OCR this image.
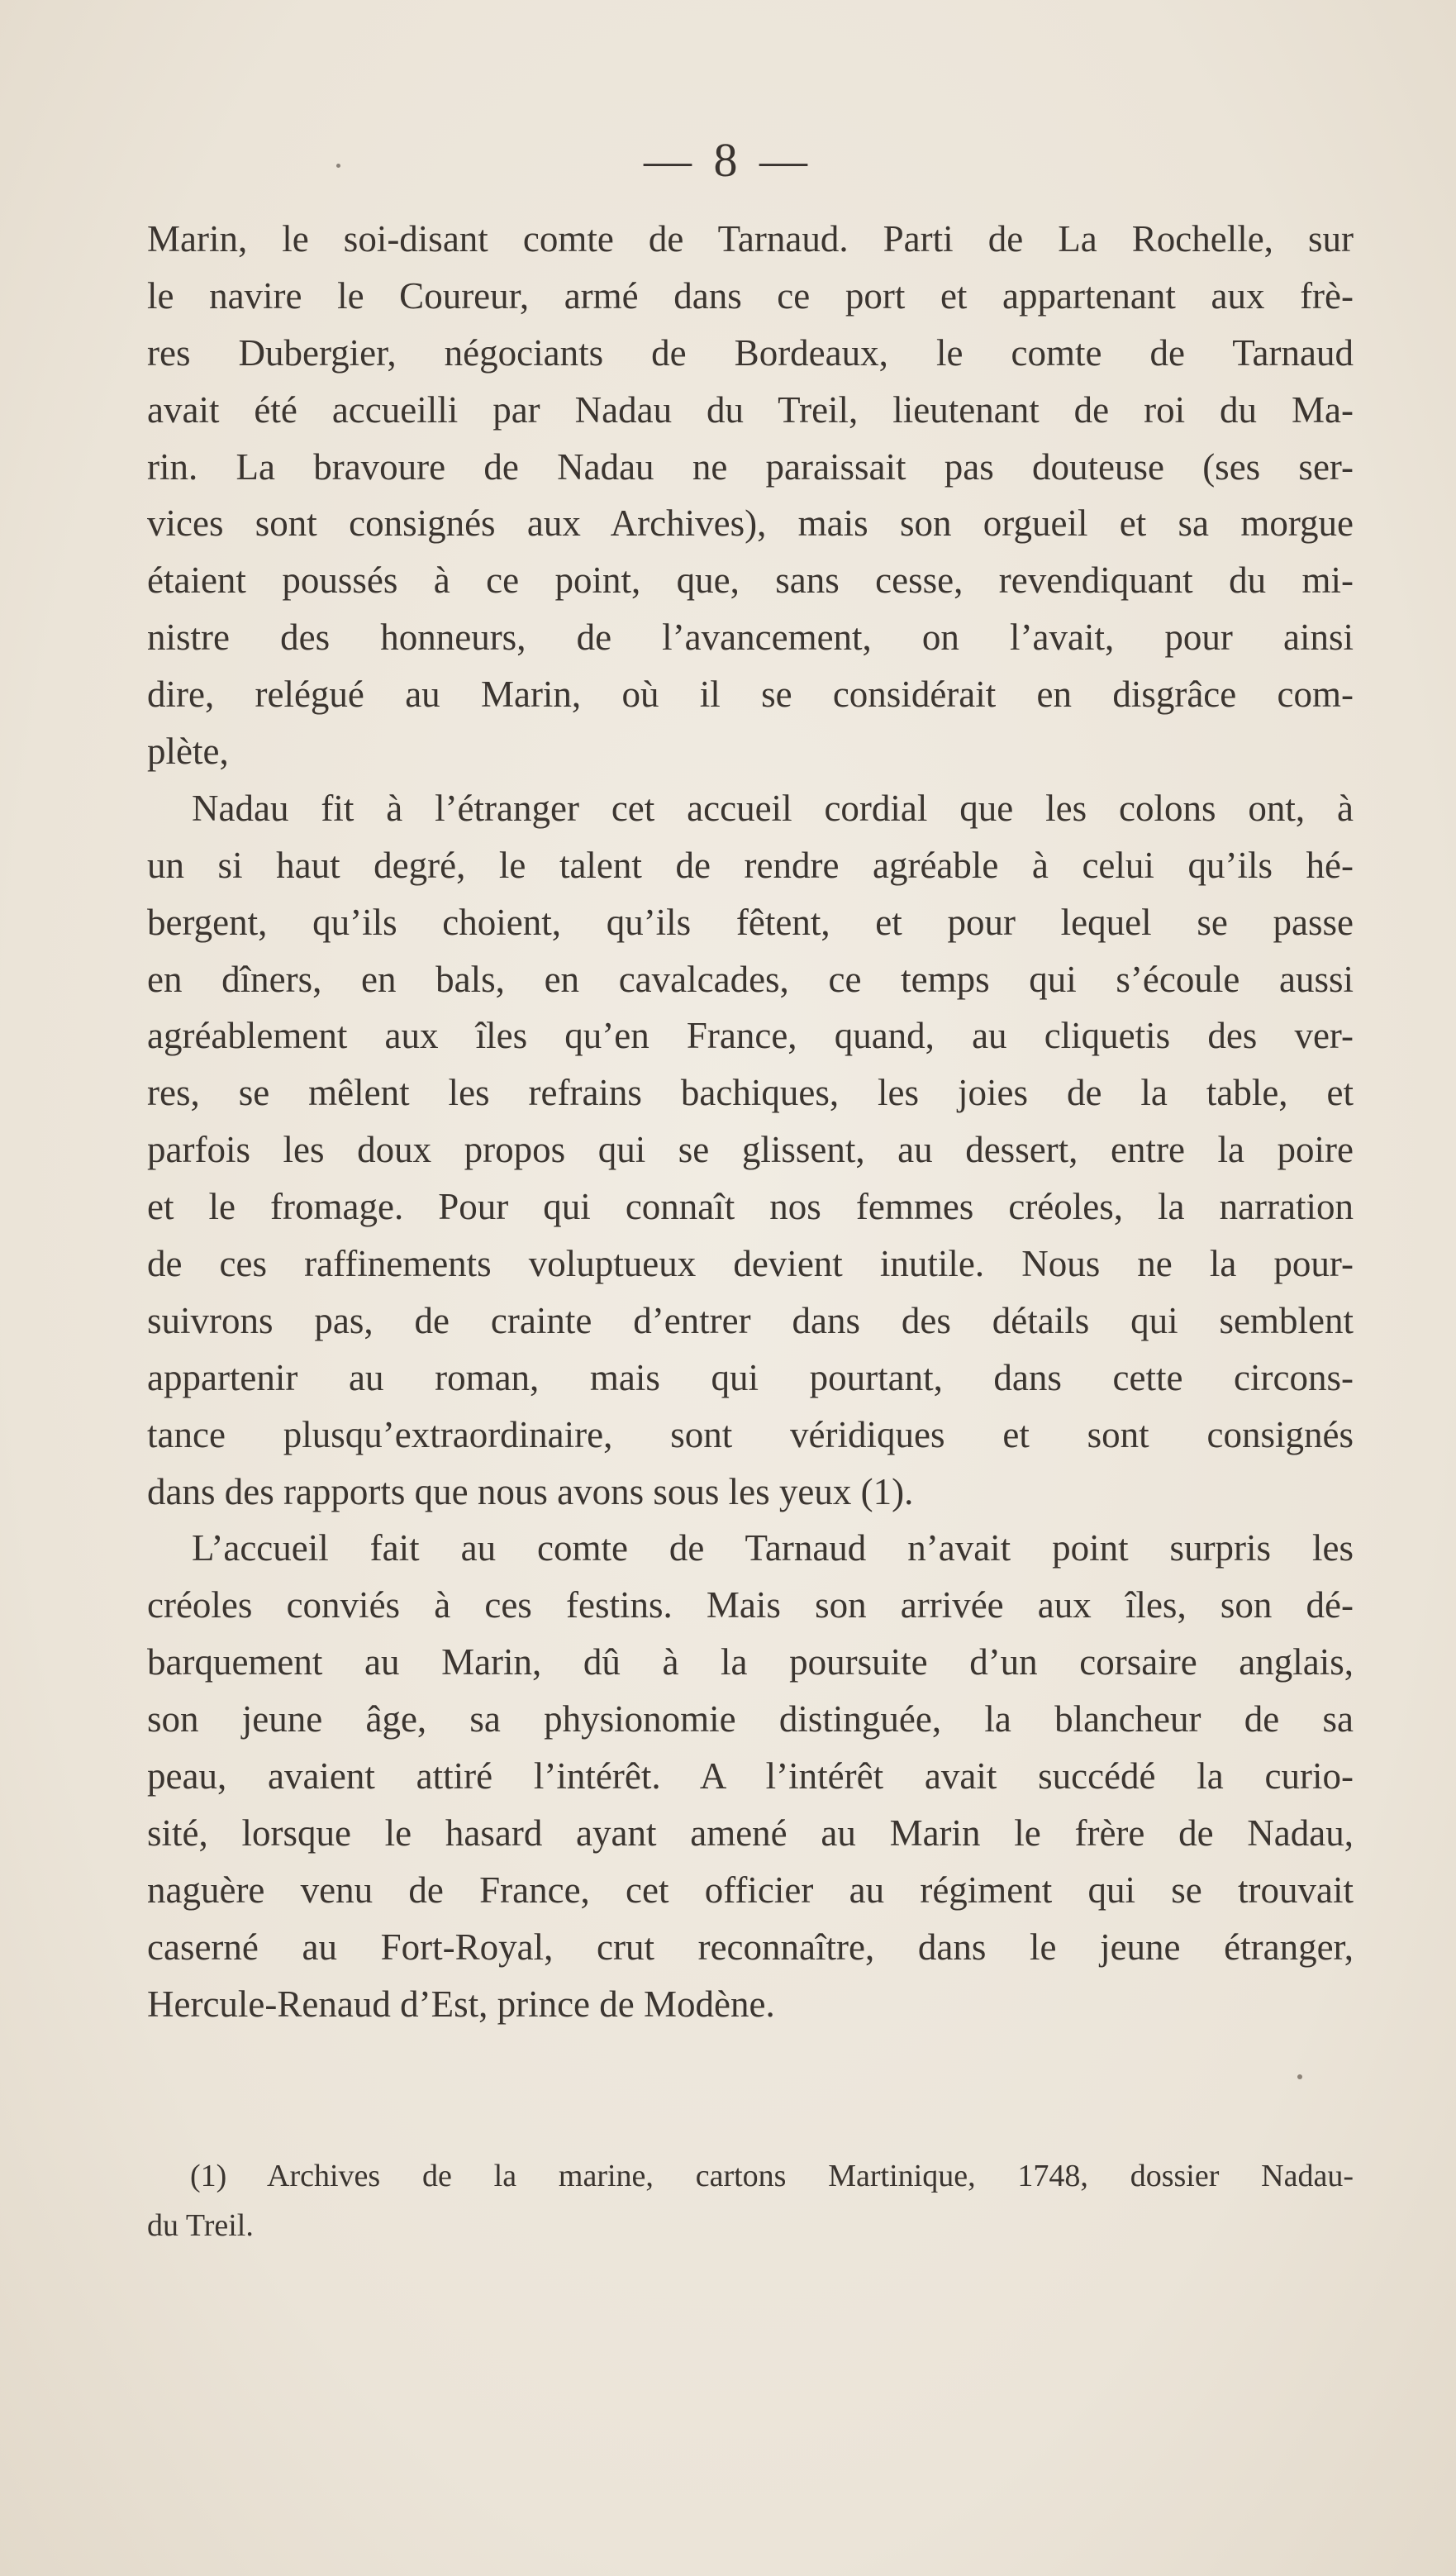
— 8 —
Marin, le soi-disant comte de Tarnaud. Parti de La Rochelle, sur
le navire le Coureur, armé dans ce port et appartenant aux frè-
res Dubergier, négociants de Bordeaux, le comte de Tarnaud
avait été accueilli par Nadau du Treil, lieutenant de roi du Ma-
rin. La bravoure de Nadau ne paraissait pas douteuse (ses ser-
vices sont consignés aux Archives), mais son orgueil et sa morgue
étaient poussés à ce point, que, sans cesse, revendiquant du mi-
nistre des honneurs, de l’avancement, on l’avait, pour ainsi
dire, relégué au Marin, où il se considérait en disgrâce com-
plète,
Nadau fit à l’étranger cet accueil cordial que les colons ont, à
un si haut degré, le talent de rendre agréable à celui qu’ils hé-
bergent, qu’ils choient, qu’ils fêtent, et pour lequel se passe
en dîners, en bals, en cavalcades, ce temps qui s’écoule aussi
agréablement aux îles qu’en France, quand, au cliquetis des ver-
res, se mêlent les refrains bachiques, les joies de la table, et
parfois les doux propos qui se glissent, au dessert, entre la poire
et le fromage. Pour qui connaît nos femmes créoles, la narration
de ces raffinements voluptueux devient inutile. Nous ne la pour-
suivrons pas, de crainte d’entrer dans des détails qui semblent
appartenir au roman, mais qui pourtant, dans cette circons-
tance plusqu’extraordinaire, sont véridiques et sont consignés
dans des rapports que nous avons sous les yeux (1).
L’accueil fait au comte de Tarnaud n’avait point surpris les
créoles conviés à ces festins. Mais son arrivée aux îles, son dé-
barquement au Marin, dû à la poursuite d’un corsaire anglais,
son jeune âge, sa physionomie distinguée, la blancheur de sa
peau, avaient attiré l’intérêt. A l’intérêt avait succédé la curio-
sité, lorsque le hasard ayant amené au Marin le frère de Nadau,
naguère venu de France, cet officier au régiment qui se trouvait
caserné au Fort-Royal, crut reconnaître, dans le jeune étranger,
Hercule-Renaud d’Est, prince de Modène.
(1) Archives de la marine, cartons Martinique, 1748, dossier Nadau-
du Treil.
